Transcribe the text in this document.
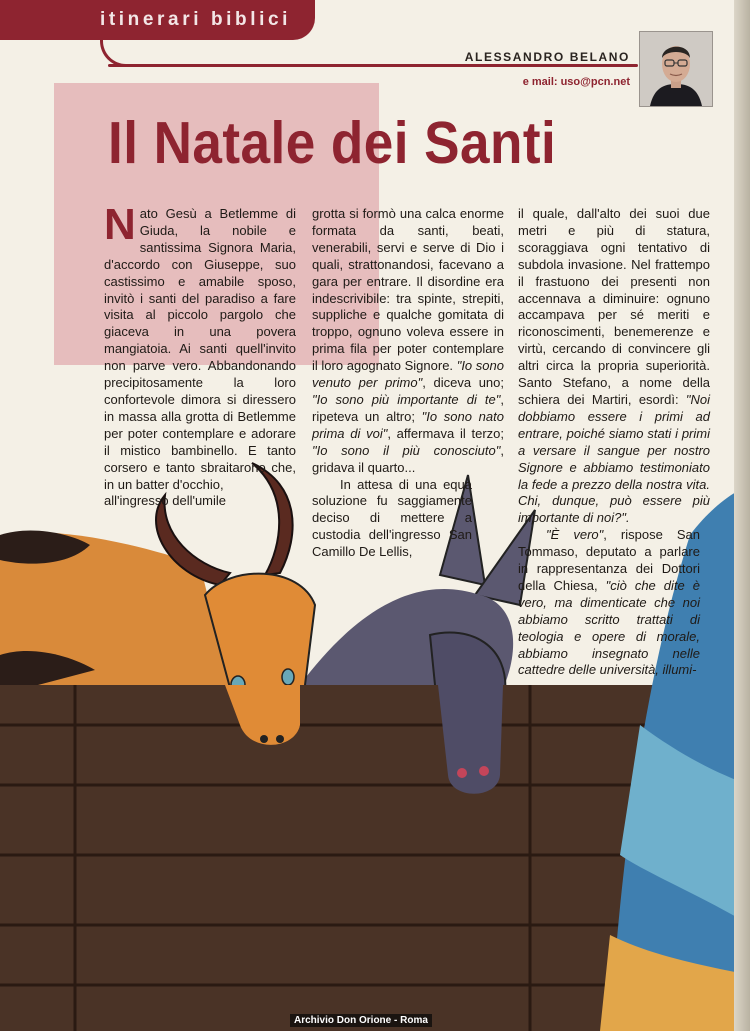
itinerari biblici
ALESSANDRO BELANO
e mail: uso@pcn.net
Il Natale dei Santi

Nato Gesù a Betlemme di Giuda, la nobile e santissima Signora Maria, d'accordo con Giuseppe, suo castissimo e amabile sposo, invitò i santi del paradiso a fare visita al piccolo pargolo che giaceva in una povera mangiatoia. Ai santi quell'invito non parve vero. Abbandonando precipitosamente la loro confortevole dimora si diressero in massa alla grotta di Betlemme per poter contemplare e adorare il mistico bambinello. E tanto corsero e tanto sbraitarono che, in un batter d'occhio,

all'ingresso dell'umile

grotta si formò una calca enorme formata da santi, beati, venerabili, servi e serve di Dio i quali, strattonandosi, facevano a gara per entrare. Il disordine era indescrivibile: tra spinte, strepiti, suppliche e qualche gomitata di troppo, ognuno voleva essere in prima fila per poter contemplare il loro agognato Signore. "Io sono venuto per primo", diceva uno; "Io sono più importante di te", ripeteva un altro; "Io sono nato prima di voi", affermava il terzo; "Io sono il più conosciuto", gridava il quarto...

In attesa di una equa soluzione fu saggiamente deciso di mettere a custodia dell'ingresso San Camillo De Lellis,

il quale, dall'alto dei suoi due metri e più di statura, scoraggiava ogni tentativo di subdola invasione. Nel frattempo il frastuono dei presenti non accennava a diminuire: ognuno accampava per sé meriti e riconoscimenti, benemerenze e virtù, cercando di convincere gli altri circa la propria superiorità. Santo Stefano, a nome della schiera dei Martiri, esordì: "Noi dobbiamo essere i primi ad entrare, poiché siamo stati i primi a versare il sangue per nostro Signore e abbiamo testimoniato la fede a prezzo della nostra vita. Chi, dunque, può essere più importante di noi?".

"È vero", rispose San Tommaso, deputato a parlare in rappresentanza dei Dottori della Chiesa, "ciò che dite è vero, ma dimenticate che noi abbiamo scritto trattati di teologia e opere di morale, abbiamo insegnato nelle cattedre delle università, illumi-

Archivio Don Orione - Roma
